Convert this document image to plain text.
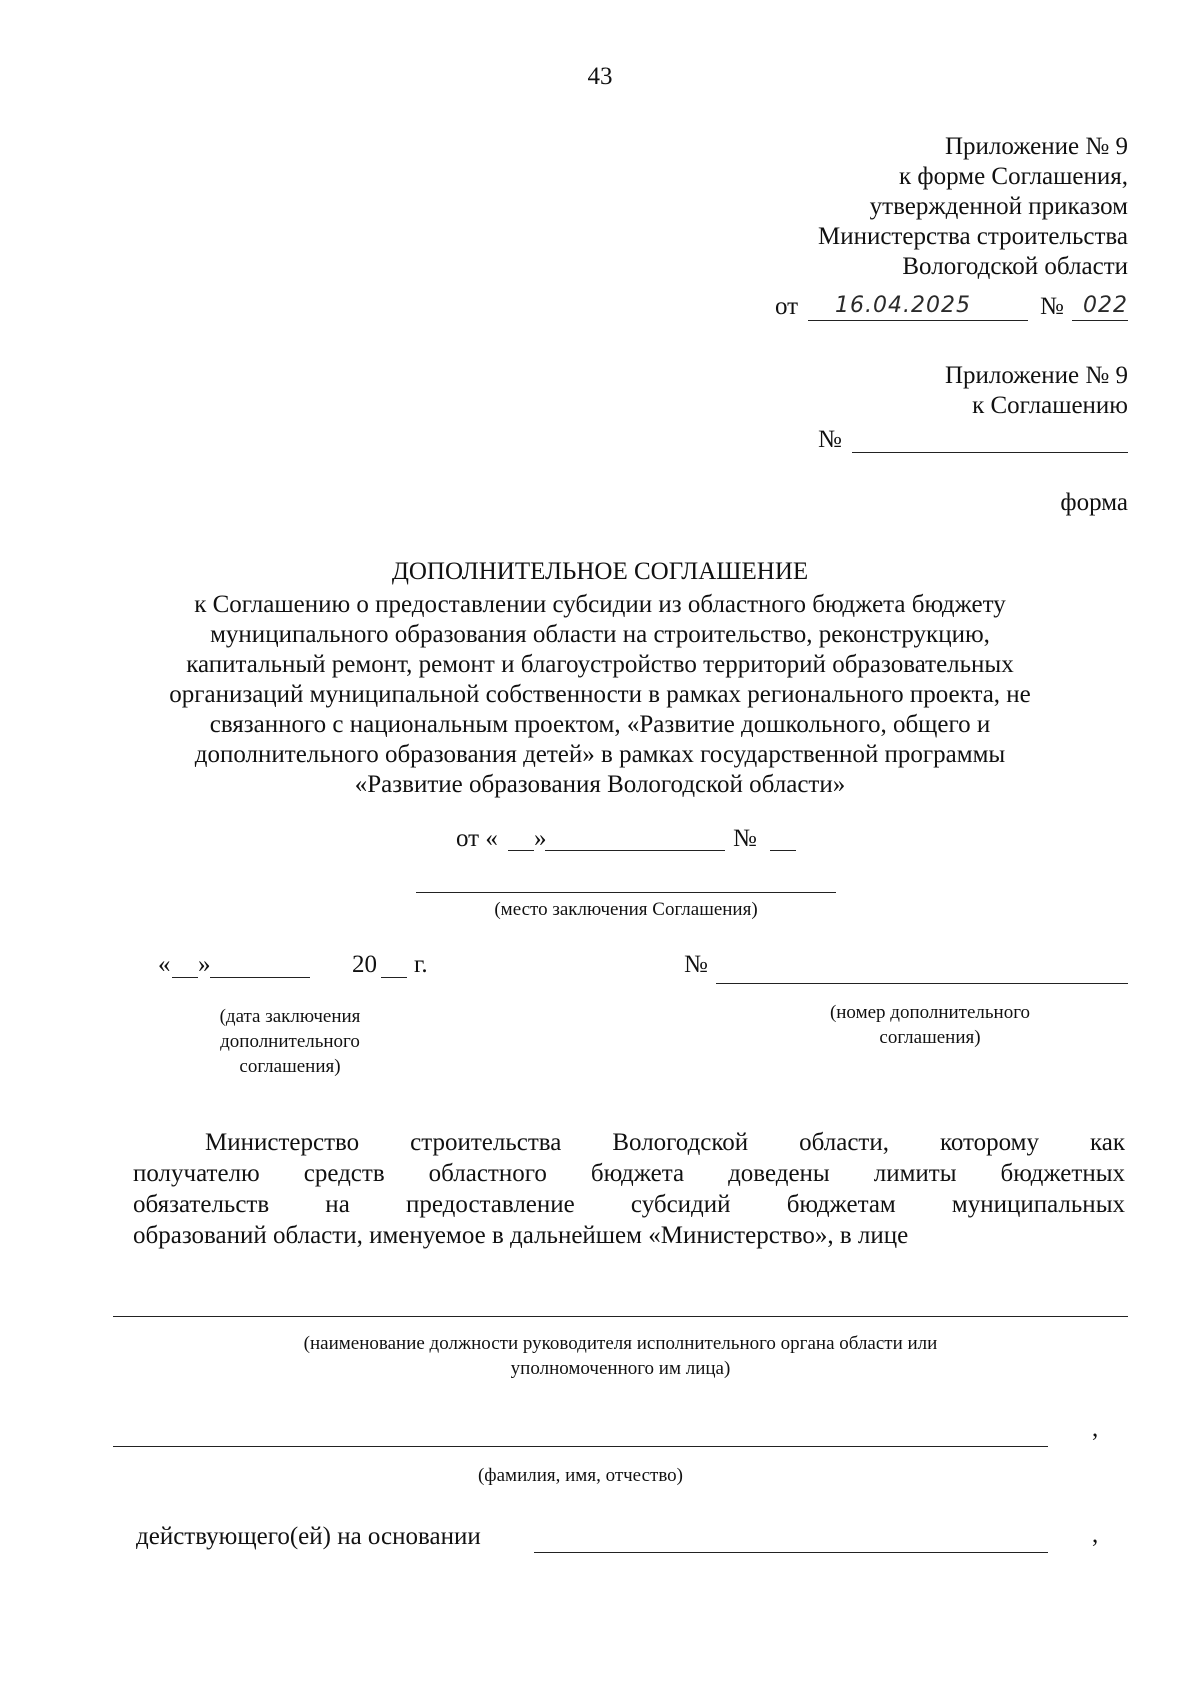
43
Приложение № 9
к форме Соглашения,
утвержденной приказом
Министерства строительства
Вологодской области
от 16.04.2025	№ 022
Приложение № 9
к Соглашению
№
форма
ДОПОЛНИТЕЛЬНОЕ СОГЛАШЕНИЕ
к Соглашению о предоставлении субсидии из областного бюджета бюджету
муниципального образования области на строительство, реконструкцию,
капитальный ремонт, ремонт и благоустройство территорий образовательных
организаций муниципальной собственности в рамках регионального проекта, не
связанного с национальным проектом, «Развитие дошкольного, общего и
дополнительного образования детей» в рамках государственной программы
«Развитие образования Вологодской области»
от « »	№
(место заключения Соглашения)
« »	20 г.	№
(дата заключения
дополнительного
соглашения)
(номер дополнительного
соглашения)
Министерство строительства Вологодской области, которому как
получателю средств областного бюджета доведены лимиты бюджетных
обязательств на предоставление субсидий бюджетам муниципальных
образований области, именуемое в дальнейшем «Министерство», в лице
(наименование должности руководителя исполнительного органа области или
уполномоченного им лица)
,
(фамилия, имя, отчество)
действующего(ей) на основании	,
